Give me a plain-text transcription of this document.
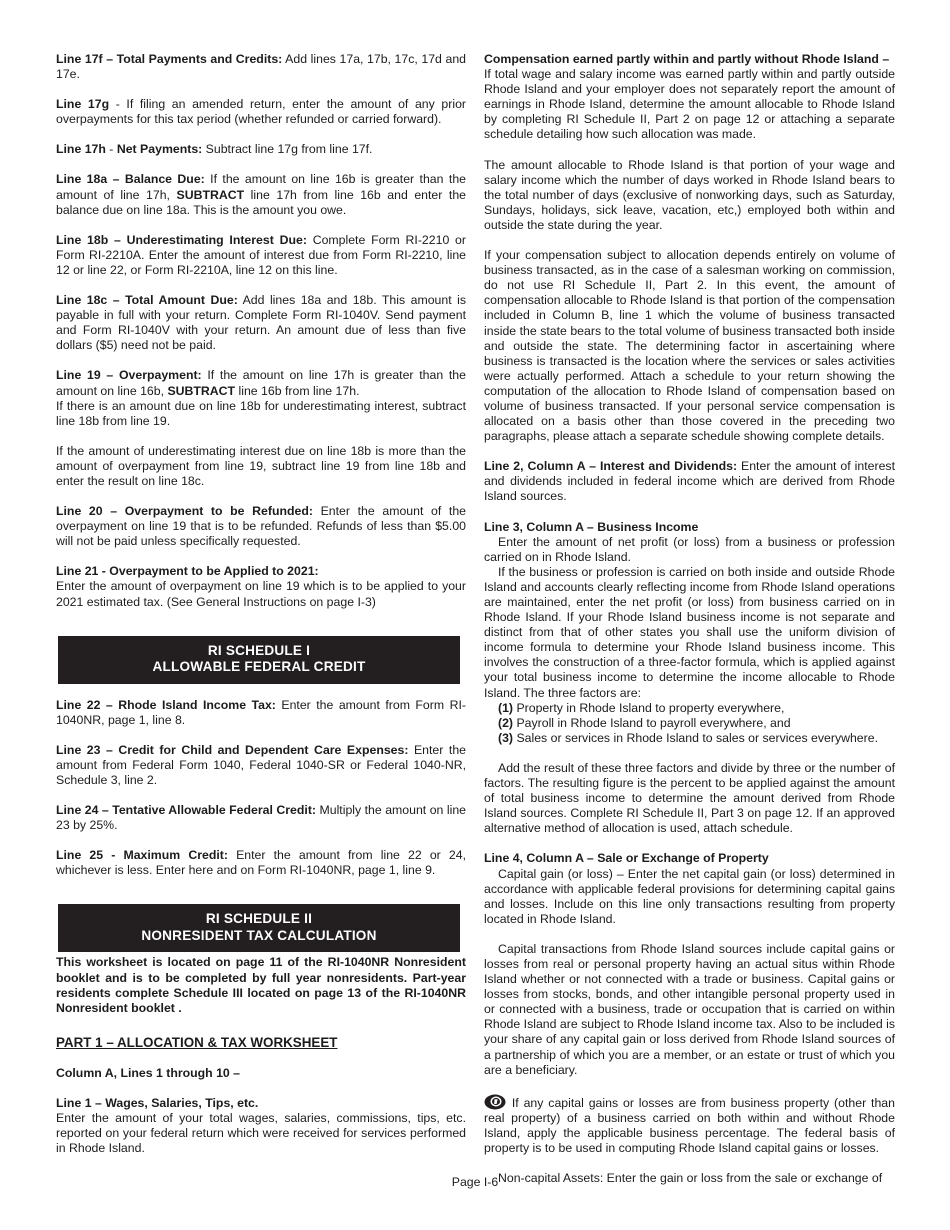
Line 17f – Total Payments and Credits: Add lines 17a, 17b, 17c, 17d and 17e.

Line 17g - If filing an amended return, enter the amount of any prior overpayments for this tax period (whether refunded or carried forward).

Line 17h - Net Payments: Subtract line 17g from line 17f.

Line 18a – Balance Due: If the amount on line 16b is greater than the amount of line 17h, SUBTRACT line 17h from line 16b and enter the balance due on line 18a. This is the amount you owe.

Line 18b – Underestimating Interest Due: Complete Form RI-2210 or Form RI-2210A. Enter the amount of interest due from Form RI-2210, line 12 or line 22, or Form RI-2210A, line 12 on this line.

Line 18c – Total Amount Due: Add lines 18a and 18b. This amount is payable in full with your return. Complete Form RI-1040V. Send payment and Form RI-1040V with your return. An amount due of less than five dollars ($5) need not be paid.

Line 19 – Overpayment: If the amount on line 17h is greater than the amount on line 16b, SUBTRACT line 16b from line 17h.
If there is an amount due on line 18b for underestimating interest, subtract line 18b from line 19.

If the amount of underestimating interest due on line 18b is more than the amount of overpayment from line 19, subtract line 19 from line 18b and enter the result on line 18c.

Line 20 – Overpayment to be Refunded: Enter the amount of the overpayment on line 19 that is to be refunded. Refunds of less than $5.00 will not be paid unless specifically requested.

Line 21 - Overpayment to be Applied to 2021:
Enter the amount of overpayment on line 19 which is to be applied to your 2021 estimated tax. (See General Instructions on page I-3)

RI SCHEDULE I
ALLOWABLE FEDERAL CREDIT

Line 22 – Rhode Island Income Tax: Enter the amount from Form RI-1040NR, page 1, line 8.

Line 23 – Credit for Child and Dependent Care Expenses: Enter the amount from Federal Form 1040, Federal 1040-SR or Federal 1040-NR, Schedule 3, line 2.

Line 24 – Tentative Allowable Federal Credit: Multiply the amount on line 23 by 25%.

Line 25 - Maximum Credit: Enter the amount from line 22 or 24, whichever is less. Enter here and on Form RI-1040NR, page 1, line 9.

RI SCHEDULE II
NONRESIDENT TAX CALCULATION

This worksheet is located on page 11 of the RI-1040NR Nonresident booklet and is to be completed by full year nonresidents. Part-year residents complete Schedule III located on page 13 of the RI-1040NR Nonresident booklet .

PART 1 – ALLOCATION & TAX WORKSHEET

Column A, Lines 1 through 10 –

Line 1 – Wages, Salaries, Tips, etc.
Enter the amount of your total wages, salaries, commissions, tips, etc. reported on your federal return which were received for services performed in Rhode Island.

Compensation earned partly within and partly without Rhode Island –
If total wage and salary income was earned partly within and partly outside Rhode Island and your employer does not separately report the amount of earnings in Rhode Island, determine the amount allocable to Rhode Island by completing RI Schedule II, Part 2 on page 12 or attaching a separate schedule detailing how such allocation was made.

The amount allocable to Rhode Island is that portion of your wage and salary income which the number of days worked in Rhode Island bears to the total number of days (exclusive of nonworking days, such as Saturday, Sundays, holidays, sick leave, vacation, etc,) employed both within and outside the state during the year.

If your compensation subject to allocation depends entirely on volume of business transacted, as in the case of a salesman working on commission, do not use RI Schedule II, Part 2. In this event, the amount of compensation allocable to Rhode Island is that portion of the compensation included in Column B, line 1 which the volume of business transacted inside the state bears to the total volume of business transacted both inside and outside the state. The determining factor in ascertaining where business is transacted is the location where the services or sales activities were actually performed. Attach a schedule to your return showing the computation of the allocation to Rhode Island of compensation based on volume of business transacted. If your personal service compensation is allocated on a basis other than those covered in the preceding two paragraphs, please attach a separate schedule showing complete details.

Line 2, Column A – Interest and Dividends: Enter the amount of interest and dividends included in federal income which are derived from Rhode Island sources.

Line 3, Column A – Business Income

Enter the amount of net profit (or loss) from a business or profession carried on in Rhode Island.

If the business or profession is carried on both inside and outside Rhode Island and accounts clearly reflecting income from Rhode Island operations are maintained, enter the net profit (or loss) from business carried on in Rhode Island. If your Rhode Island business income is not separate and distinct from that of other states you shall use the uniform division of income formula to determine your Rhode Island business income. This involves the construction of a three-factor formula, which is applied against your total business income to determine the income allocable to Rhode Island. The three factors are:

(1) Property in Rhode Island to property everywhere,
(2) Payroll in Rhode Island to payroll everywhere, and
(3) Sales or services in Rhode Island to sales or services everywhere.

Add the result of these three factors and divide by three or the number of factors. The resulting figure is the percent to be applied against the amount of total business income to determine the amount derived from Rhode Island sources. Complete RI Schedule II, Part 3 on page 12. If an approved alternative method of allocation is used, attach schedule.

Line 4, Column A – Sale or Exchange of Property

Capital gain (or loss) – Enter the net capital gain (or loss) determined in accordance with applicable federal provisions for determining capital gains and losses. Include on this line only transactions resulting from property located in Rhode Island.

Capital transactions from Rhode Island sources include capital gains or losses from real or personal property having an actual situs within Rhode Island whether or not connected with a trade or business. Capital gains or losses from stocks, bonds, and other intangible personal property used in or connected with a business, trade or occupation that is carried on within Rhode Island are subject to Rhode Island income tax. Also to be included is your share of any capital gain or loss derived from Rhode Island sources of a partnership of which you are a member, or an estate or trust of which you are a beneficiary.

If any capital gains or losses are from business property (other than real property) of a business carried on both within and without Rhode Island, apply the applicable business percentage. The federal basis of property is to be used in computing Rhode Island capital gains or losses.

Non-capital Assets: Enter the gain or loss from the sale or exchange of

Page I-6
